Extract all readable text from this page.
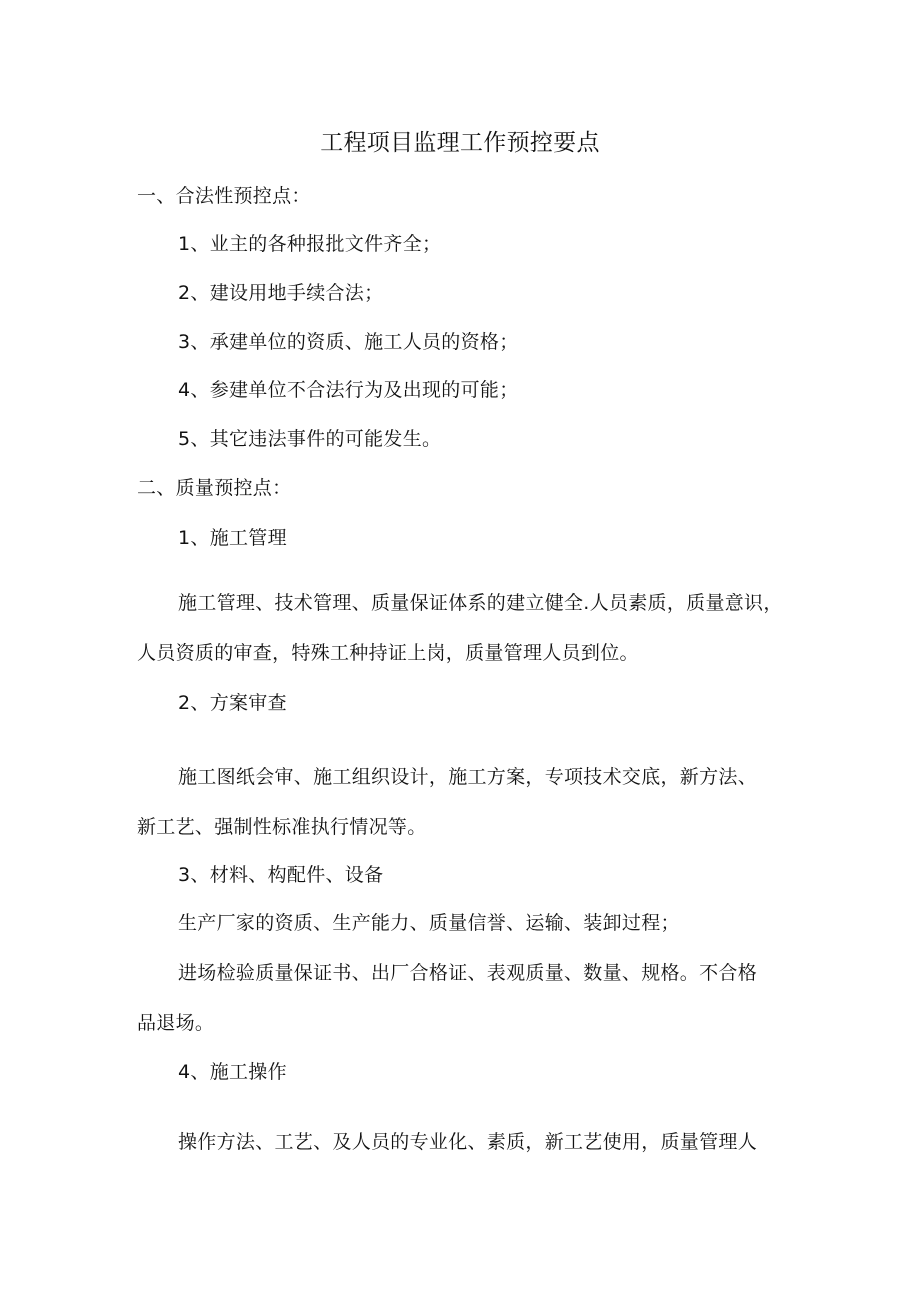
工程项目监理工作预控要点
一、合法性预控点：
1、业主的各种报批文件齐全；
2、建设用地手续合法；
3、承建单位的资质、施工人员的资格；
4、参建单位不合法行为及出现的可能；
5、其它违法事件的可能发生。
二、质量预控点：
1、施工管理
施工管理、技术管理、质量保证体系的建立健全.人员素质，质量意识，
人员资质的审查，特殊工种持证上岗，质量管理人员到位。
2、方案审查
施工图纸会审、施工组织设计，施工方案，专项技术交底，新方法、
新工艺、强制性标准执行情况等。
3、材料、构配件、设备
生产厂家的资质、生产能力、质量信誉、运输、装卸过程；
进场检验质量保证书、出厂合格证、表观质量、数量、规格。不合格
品退场。
4、施工操作
操作方法、工艺、及人员的专业化、素质，新工艺使用，质量管理人
